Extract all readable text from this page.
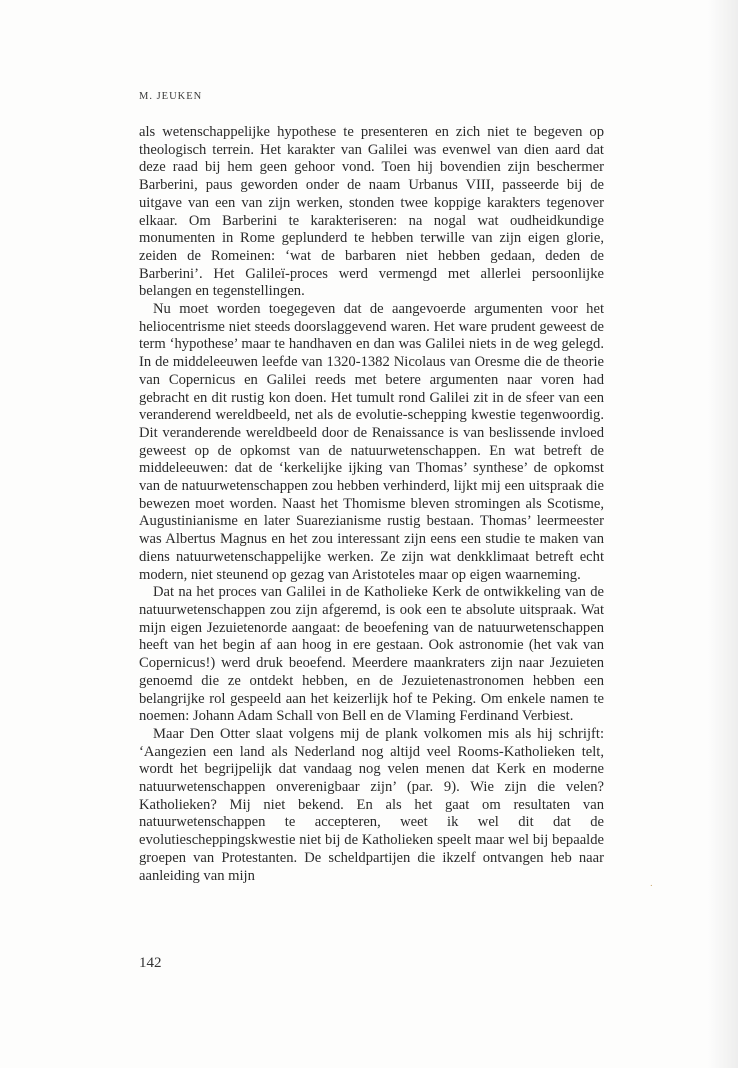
M. JEUKEN

als wetenschappelijke hypothese te presenteren en zich niet te begeven op theologisch terrein. Het karakter van Galilei was evenwel van dien aard dat deze raad bij hem geen gehoor vond. Toen hij bovendien zijn beschermer Barberini, paus geworden onder de naam Urbanus VIII, passeerde bij de uitgave van een van zijn werken, stonden twee koppige karakters tegenover elkaar. Om Barberini te karakteriseren: na nogal wat oudheidkundige monumenten in Rome geplunderd te hebben terwille van zijn eigen glorie, zeiden de Romeinen: ‘wat de barbaren niet hebben gedaan, deden de Barberini’. Het Galileï-proces werd vermengd met allerlei persoonlijke belangen en tegenstellingen.

Nu moet worden toegegeven dat de aangevoerde argumenten voor het heliocentrisme niet steeds doorslaggevend waren. Het ware prudent geweest de term ‘hypothese’ maar te handhaven en dan was Galilei niets in de weg gelegd. In de middeleeuwen leefde van 1320-1382 Nicolaus van Oresme die de theorie van Copernicus en Galilei reeds met betere argumenten naar voren had gebracht en dit rustig kon doen. Het tumult rond Galilei zit in de sfeer van een veranderend wereldbeeld, net als de evolutie-schepping kwestie tegenwoordig. Dit veranderende wereldbeeld door de Renaissance is van beslissende invloed geweest op de opkomst van de natuurwetenschappen. En wat betreft de middeleeuwen: dat de ‘kerkelijke ijking van Thomas’ synthese’ de opkomst van de natuurwetenschappen zou hebben verhinderd, lijkt mij een uitspraak die bewezen moet worden. Naast het Thomisme bleven stromingen als Scotisme, Augustinianisme en later Suarezianisme rustig bestaan. Thomas’ leermeester was Albertus Magnus en het zou interessant zijn eens een studie te maken van diens natuurwetenschappelijke werken. Ze zijn wat denkklimaat betreft echt modern, niet steunend op gezag van Aristoteles maar op eigen waarneming.

Dat na het proces van Galilei in de Katholieke Kerk de ontwikkeling van de natuurwetenschappen zou zijn afgeremd, is ook een te absolute uitspraak. Wat mijn eigen Jezuietenorde aangaat: de beoefening van de natuurwetenschappen heeft van het begin af aan hoog in ere gestaan. Ook astronomie (het vak van Copernicus!) werd druk beoefend. Meerdere maankraters zijn naar Jezuieten genoemd die ze ontdekt hebben, en de Jezuietenastronomen hebben een belangrijke rol gespeeld aan het keizerlijk hof te Peking. Om enkele namen te noemen: Johann Adam Schall von Bell en de Vlaming Ferdinand Verbiest.

Maar Den Otter slaat volgens mij de plank volkomen mis als hij schrijft: ‘Aangezien een land als Nederland nog altijd veel Rooms-Katholieken telt, wordt het begrijpelijk dat vandaag nog velen menen dat Kerk en moderne natuurwetenschappen onverenigbaar zijn’ (par. 9). Wie zijn die velen? Katholieken? Mij niet bekend. En als het gaat om resultaten van natuurwetenschappen te accepteren, weet ik wel dit dat de evolutiescheppingskwestie niet bij de Katholieken speelt maar wel bij bepaalde groepen van Protestanten. De scheldpartijen die ikzelf ontvangen heb naar aanleiding van mijn

˙
142
